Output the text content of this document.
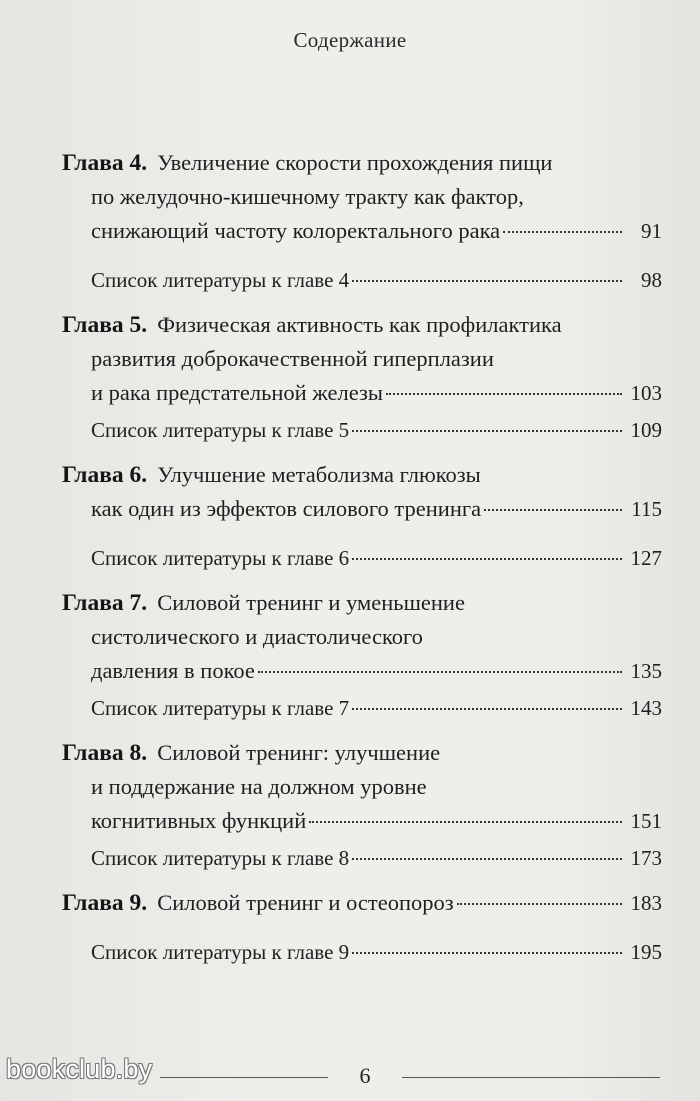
Содержание
Глава 4. Увеличение скорости прохождения пищи
по желудочно-кишечному тракту как фактор,
снижающий частоту колоректального рака	91
Список литературы к главе 4	98
Глава 5. Физическая активность как профилактика
развития доброкачественной гиперплазии
и рака предстательной железы	103
Список литературы к главе 5	109
Глава 6. Улучшение метаболизма глюкозы
как один из эффектов силового тренинга	115
Список литературы к главе 6	127
Глава 7. Силовой тренинг и уменьшение
систолического и диастолического
давления в покое	135
Список литературы к главе 7	143
Глава 8. Силовой тренинг: улучшение
и поддержание на должном уровне
когнитивных функций	151
Список литературы к главе 8	173
Глава 9. Силовой тренинг и остеопороз	183
Список литературы к главе 9	195
6
bookclub.by
